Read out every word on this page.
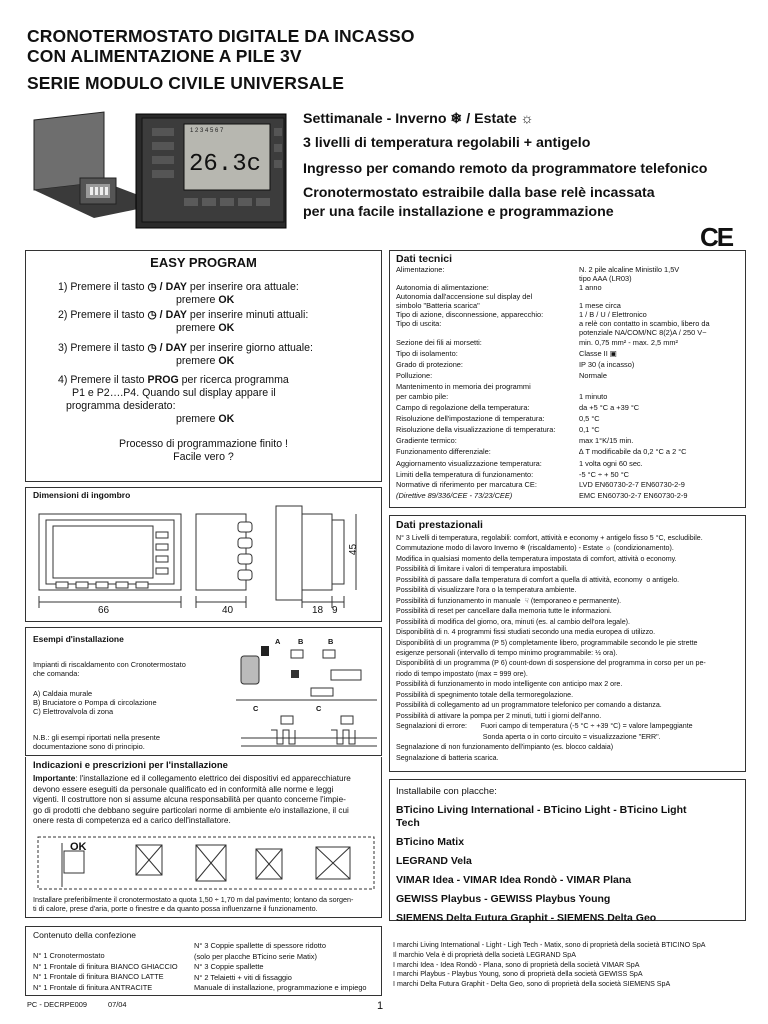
CRONOTERMOSTATO DIGITALE DA INCASSO
CON ALIMENTAZIONE A PILE 3V
SERIE MODULO CIVILE UNIVERSALE
1 2 3 4 5 6 7
26.3c
Settimanale - Inverno ❄ / Estate ☼
3 livelli di temperatura regolabili + antigelo
Ingresso per comando remoto da programmatore telefonico
Cronotermostato estraibile dalla base relè incassata
per una facile installazione e programmazione
CE
EASY PROGRAM
1) Premere il tasto ◷ / DAY per inserire ora attuale:
premere OK
2) Premere il tasto ◷ / DAY per inserire minuti attuali:
premere OK
3) Premere il tasto ◷ / DAY per inserire giorno attuale:
premere OK
4) Premere il tasto PROG per ricerca programma
P1 e P2….P4. Quando sul display appare il
programma desiderato:
premere OK
Processo di programmazione finito !
Facile vero ?
Dimensioni di ingombro
66	40	18 9
45
Esempi d'installazione
Impianti di riscaldamento con Cronotermostato
che comanda:
A) Caldaia murale
B) Bruciatore o Pompa di circolazione
C) Elettrovalvola di zona
N.B.: gli esempi riportati nella presente
documentazione sono di principio.
A B	B
C	C
Indicazioni e prescrizioni per l'installazione
Importante: l'installazione ed il collegamento elettrico dei dispositivi ed apparecchiature
devono essere eseguiti da personale qualificato ed in conformità alle norme e leggi
vigenti. Il costruttore non si assume alcuna responsabilità per quanto concerne l'impie-
go di prodotti che debbano seguire particolari norme di ambiente e/o installazione, il cui
onere resta di competenza ed a carico dell'installatore.
OK
Installare preferibilmente il cronotermostato a quota 1,50 ÷ 1,70 m dal pavimento; lontano da sorgen-
ti di calore, prese d'aria, porte o finestre e da quanto possa influenzarne il funzionamento.
Contenuto della confezione
N° 1 Cronotermostato
N° 1 Frontale di finitura BIANCO GHIACCIO
N° 1 Frontale di finitura BIANCO LATTE
N° 1 Frontale di finitura ANTRACITE
N° 3 Coppie spallette di spessore ridotto
(solo per placche BTicino serie Matix)
N° 3 Coppie spallette
N° 2 Telaietti + viti di fissaggio
Manuale di installazione, programmazione e impiego
PC - DECRPE009	07/04	1
Dati tecnici
Alimentazione:	N. 2 pile alcaline Ministilo 1,5V
tipo AAA (LR03)
Autonomia di alimentazione:	1 anno
Autonomia dall'accensione sul display del
simbolo "Batteria scarica"	1 mese circa
Tipo di azione, disconnessione, apparecchio:	1 / B / U / Elettronico
Tipo di uscita:	a relè con contatto in scambio, libero da
potenziale NA/COM/NC 8(2)A / 250 V~
Sezione dei fili ai morsetti:	min. 0,75 mm² - max. 2,5 mm²
Tipo di isolamento:	Classe II ▣
Grado di protezione:	IP 30 (a incasso)
Polluzione:	Normale
Mantenimento in memoria dei programmi
per cambio pile:	1 minuto
Campo di regolazione della temperatura:	da +5 °C a +39 °C
Risoluzione dell'impostazione di temperatura:	0,5 °C
Risoluzione della visualizzazione di temperatura:	0,1 °C
Gradiente termico:	max 1°K/15 min.
Funzionamento differenziale:	∆ T modificabile da 0,2 °C a 2 °C
Aggiornamento visualizzazione temperatura:	1 volta ogni 60 sec.
Limiti della temperatura di funzionamento:	-5 °C ÷ + 50 °C
Normative di riferimento per marcatura CE:	LVD EN60730-2-7 EN60730-2-9
(Direttive 89/336/CEE - 73/23/CEE)	EMC EN60730-2-7 EN60730-2-9
Dati prestazionali
N° 3 Livelli di temperatura, regolabili: comfort, attività e economy + antigelo fisso 5 °C, escludibile.
Commutazione modo di lavoro Inverno ❄ (riscaldamento) - Estate ☼ (condizionamento).
Modifica in qualsiasi momento della temperatura impostata di comfort, attività o economy.
Possibilità di limitare i valori di temperatura impostabili.
Possibilità di passare dalla temperatura di comfort a quella di attività, economy  o antigelo.
Possibilità di visualizzare l'ora o la temperatura ambiente.
Possibilità di funzionamento in manuale  ☟ (temporaneo e permanente).
Possibilità di reset per cancellare dalla memoria tutte le informazioni.
Possibilità di modifica del giorno, ora, minuti (es. al cambio dell'ora legale).
Disponibilità di n. 4 programmi fissi studiati secondo una media europea di utilizzo.
Disponibilità di un programma (P 5) completamente libero, programmabile secondo le pie strette
esigenze personali (intervallo di tempo minimo programmabile: ½ ora).
Disponibilità di un programma (P 6) count-down di sospensione del programma in corso per un pe-
riodo di tempo impostato (max = 999 ore).
Possibilità di funzionamento in modo intelligente con anticipo max 2 ore.
Possibilità di spegnimento totale della termoregolazione.
Possibilità di collegamento ad un programmatore telefonico per comando a distanza.
Possibilità di attivare la pompa per 2 minuti, tutti i giorni dell'anno.
Segnalazioni di errore:       Fuori campo di temperatura (-5 °C ÷ +39 °C) = valore lampeggiante
Sonda aperta o in corto circuito = visualizzazione "ERR".
Segnalazione di non funzionamento dell'impianto (es. blocco caldaia)
Segnalazione di batteria scarica.
Installabile con placche:
BTicino Living International - BTicino Light - BTicino Light
Tech
BTicino Matix
LEGRAND Vela
VIMAR Idea - VIMAR Idea Rondò - VIMAR Plana
GEWISS Playbus - GEWISS Playbus Young
SIEMENS Delta Futura Graphit - SIEMENS Delta Geo
I marchi Living International - Light - Ligh Tech - Matix, sono di proprietà della società BTICINO SpA
Il marchio Vela è di proprietà della società LEGRAND SpA
I marchi Idea - Idea Rondò - Plana, sono di proprietà della società VIMAR SpA
I marchi Playbus - Playbus Young, sono di proprietà della società GEWISS SpA
I marchi Delta Futura Graphit - Delta Geo, sono di proprietà della società SIEMENS SpA
